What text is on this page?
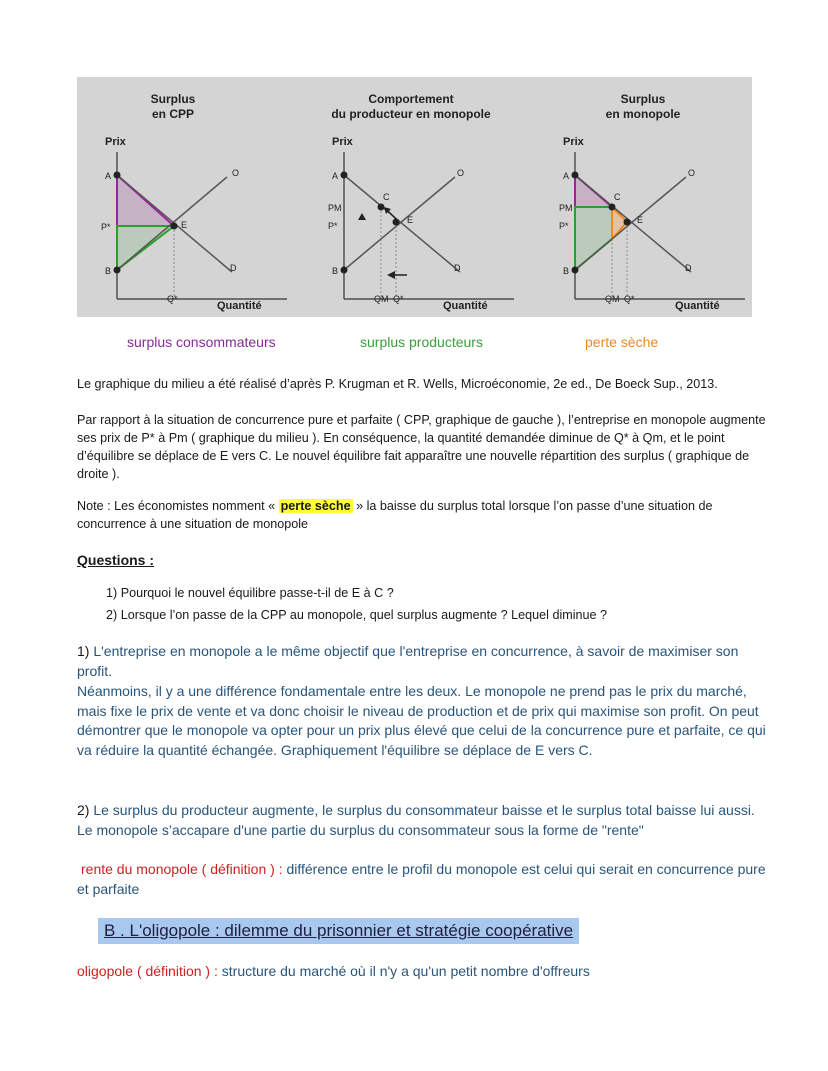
Surplus
en CPP
Prix
Quantité
A
B
E
O
D
P*
Q*
Comportement
du producteur en monopole
Prix
Quantité
A
B
C
E
O
D
PM
P*
QM Q*
Surplus
en monopole
Prix
Quantité
A
B
C
E
O
D
PM
P*
QM Q*
surplus consommateurs	surplus producteurs	perte sèche

Le graphique du milieu a été réalisé d’après P. Krugman et R. Wells, Microéconomie, 2e ed., De Boeck Sup., 2013.

Par rapport à la situation de concurrence pure et parfaite ( CPP, graphique de gauche ), l’entreprise en monopole augmente ses prix de P* à Pm ( graphique du milieu ). En conséquence, la quantité demandée diminue de Q* à Qm, et le point d’équilibre se déplace de E vers C. Le nouvel équilibre fait apparaître une nouvelle répartition des surplus ( graphique de droite ).

Note : Les économistes nomment « perte sèche » la baisse du surplus total lorsque l’on passe d’une situation de concurrence à une situation de monopole

Questions :

1) Pourquoi le nouvel équilibre passe-t-il de E à C ?
2) Lorsque l’on passe de la CPP au monopole, quel surplus augmente ? Lequel diminue ?

1) L'entreprise en monopole a le même objectif que l'entreprise en concurrence, à savoir de maximiser son profit.

Néanmoins, il y a une différence fondamentale entre les deux. Le monopole ne prend pas le prix du marché, mais fixe le prix de vente et va donc choisir le niveau de production et de prix qui maximise son profit. On peut démontrer que le monopole va opter pour un prix plus élevé que celui de la concurrence pure et parfaite, ce qui va réduire la quantité échangée. Graphiquement l'équilibre se déplace de E vers C.

2) Le surplus du producteur augmente, le surplus du consommateur baisse et le surplus total baisse lui aussi. Le monopole s’accapare d'une partie du surplus du consommateur sous la forme de "rente"

rente du monopole ( définition ) : différence entre le profil du monopole est celui qui serait en concurrence pure et parfaite

B . L'oligopole : dilemme du prisonnier et stratégie coopérative

oligopole ( définition ) : structure du marché où il n'y a qu'un petit nombre d'offreurs
